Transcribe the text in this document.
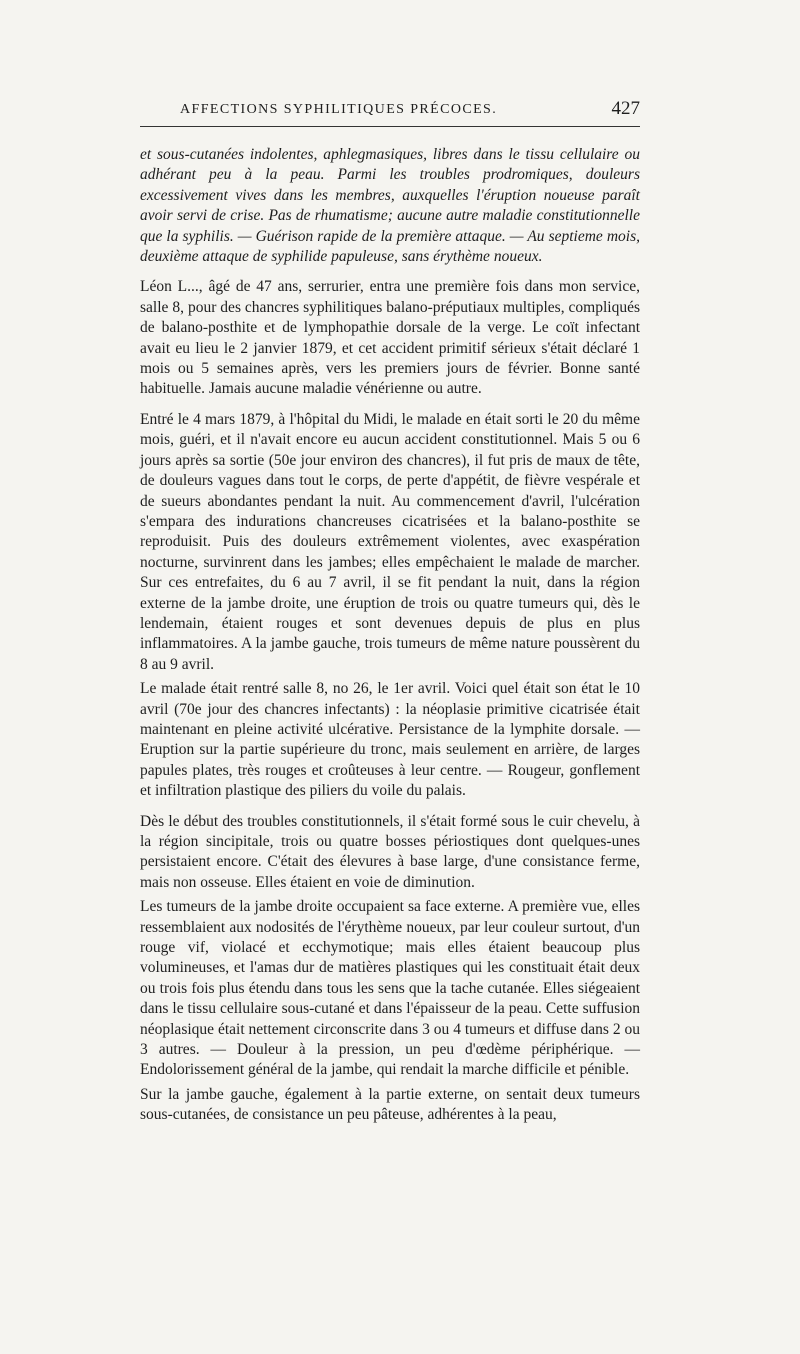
AFFECTIONS SYPHILITIQUES PRÉCOCES.	427

et sous-cutanées indolentes, aphlegmasiques, libres dans le tissu cellulaire ou adhérant peu à la peau. Parmi les troubles prodromiques, douleurs excessivement vives dans les membres, auxquelles l'éruption noueuse paraît avoir servi de crise. Pas de rhumatisme; aucune autre maladie constitutionnelle que la syphilis. — Guérison rapide de la première attaque. — Au septieme mois, deuxième attaque de syphilide papuleuse, sans érythème noueux.

Léon L..., âgé de 47 ans, serrurier, entra une première fois dans mon service, salle 8, pour des chancres syphilitiques balano-préputiaux multiples, compliqués de balano-posthite et de lymphopathie dorsale de la verge. Le coït infectant avait eu lieu le 2 janvier 1879, et cet accident primitif sérieux s'était déclaré 1 mois ou 5 semaines après, vers les premiers jours de février. Bonne santé habituelle. Jamais aucune maladie vénérienne ou autre.

Entré le 4 mars 1879, à l'hôpital du Midi, le malade en était sorti le 20 du même mois, guéri, et il n'avait encore eu aucun accident constitutionnel. Mais 5 ou 6 jours après sa sortie (50e jour environ des chancres), il fut pris de maux de tête, de douleurs vagues dans tout le corps, de perte d'appétit, de fièvre vespérale et de sueurs abondantes pendant la nuit. Au commencement d'avril, l'ulcération s'empara des indurations chancreuses cicatrisées et la balano-posthite se reproduisit. Puis des douleurs extrêmement violentes, avec exaspération nocturne, survinrent dans les jambes; elles empêchaient le malade de marcher. Sur ces entrefaites, du 6 au 7 avril, il se fit pendant la nuit, dans la région externe de la jambe droite, une éruption de trois ou quatre tumeurs qui, dès le lendemain, étaient rouges et sont devenues depuis de plus en plus inflammatoires. A la jambe gauche, trois tumeurs de même nature poussèrent du 8 au 9 avril.

Le malade était rentré salle 8, no 26, le 1er avril. Voici quel était son état le 10 avril (70e jour des chancres infectants) : la néoplasie primitive cicatrisée était maintenant en pleine activité ulcérative. Persistance de la lymphite dorsale. — Eruption sur la partie supérieure du tronc, mais seulement en arrière, de larges papules plates, très rouges et croûteuses à leur centre. — Rougeur, gonflement et infiltration plastique des piliers du voile du palais.

Dès le début des troubles constitutionnels, il s'était formé sous le cuir chevelu, à la région sincipitale, trois ou quatre bosses périostiques dont quelques-unes persistaient encore. C'était des élevures à base large, d'une consistance ferme, mais non osseuse. Elles étaient en voie de diminution.

Les tumeurs de la jambe droite occupaient sa face externe. A première vue, elles ressemblaient aux nodosités de l'érythème noueux, par leur couleur surtout, d'un rouge vif, violacé et ecchymotique; mais elles étaient beaucoup plus volumineuses, et l'amas dur de matières plastiques qui les constituait était deux ou trois fois plus étendu dans tous les sens que la tache cutanée. Elles siégeaient dans le tissu cellulaire sous-cutané et dans l'épaisseur de la peau. Cette suffusion néoplasique était nettement circonscrite dans 3 ou 4 tumeurs et diffuse dans 2 ou 3 autres. — Douleur à la pression, un peu d'œdème périphérique. — Endolorissement général de la jambe, qui rendait la marche difficile et pénible.

Sur la jambe gauche, également à la partie externe, on sentait deux tumeurs sous-cutanées, de consistance un peu pâteuse, adhérentes à la peau,
